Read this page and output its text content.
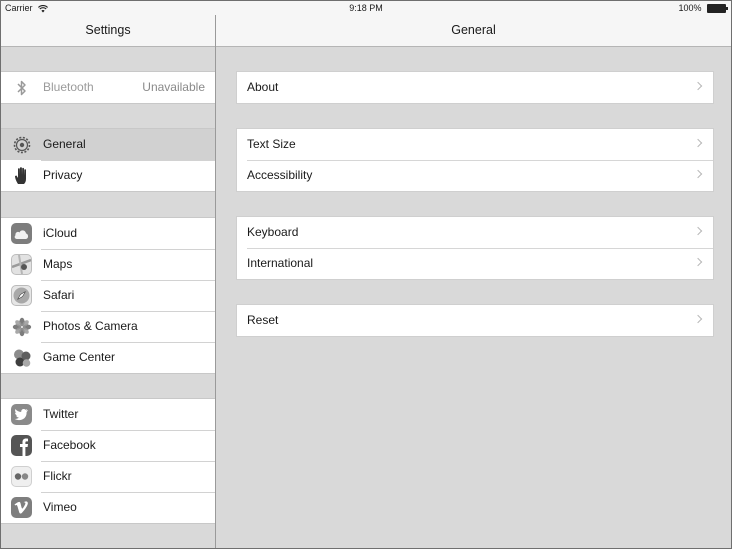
Carrier	9:18 PM	100%
Settings
Bluetooth	Unavailable
General
Privacy
iCloud
Maps
Safari
Photos & Camera
Game Center
Twitter
Facebook
Flickr
Vimeo
General
About
Text Size
Accessibility
Keyboard
International
Reset
